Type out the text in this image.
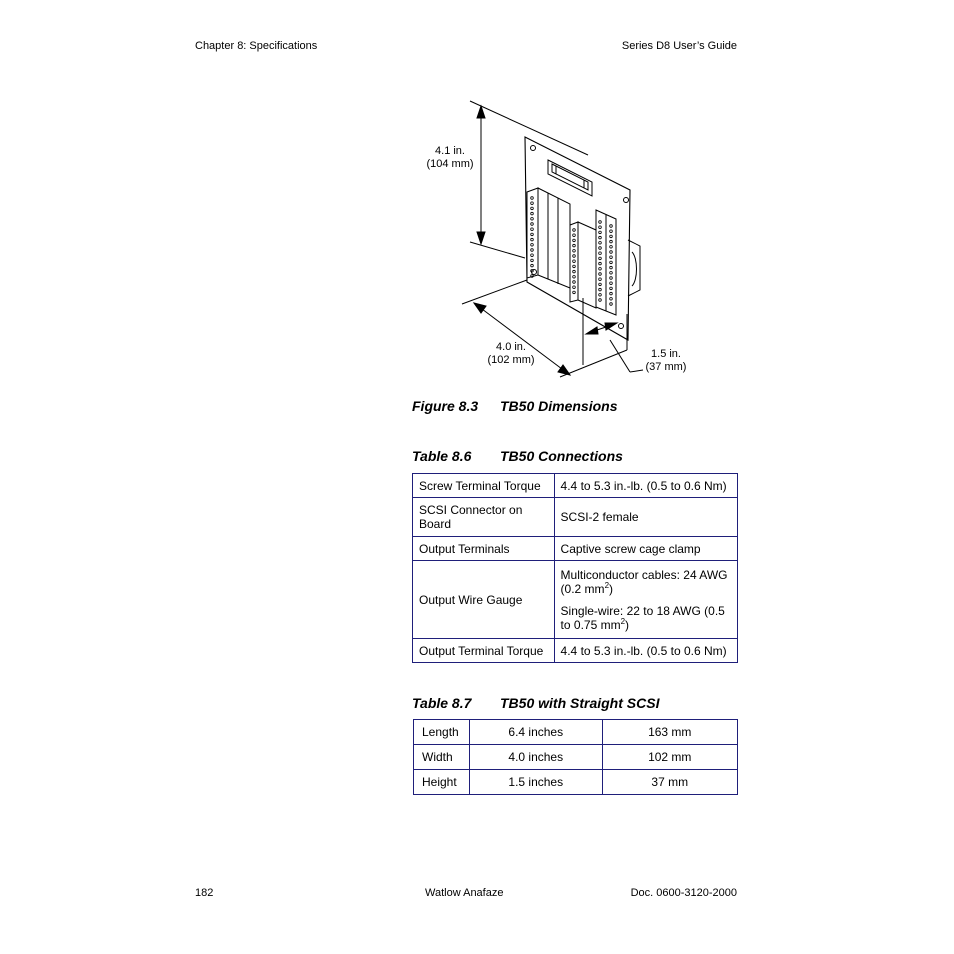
Chapter 8: Specifications	Series D8 User’s Guide
4.1 in.
(104 mm)
4.0 in.
(102 mm)	1.5 in.
(37 mm)
Figure 8.3 TB50 Dimensions
Table 8.6 TB50 Connections
Screw Terminal Torque	4.4 to 5.3 in.-lb. (0.5 to 0.6 Nm)
SCSI Connector on Board	SCSI-2 female
Output Terminals	Captive screw cage clamp
Output Wire Gauge	Multiconductor cables: 24 AWG (0.2 $mm^2$)

Single-wire: 22 to 18 AWG (0.5 to 0.75 $mm^2$)

Output Terminal Torque	4.4 to 5.3 in.-lb. (0.5 to 0.6 Nm)
Table 8.7 TB50 with Straight SCSI
Length	6.4 inches	163 mm
Width	4.0 inches	102 mm
Height	1.5 inches	37 mm
182	Watlow Anafaze	Doc. 0600-3120-2000
